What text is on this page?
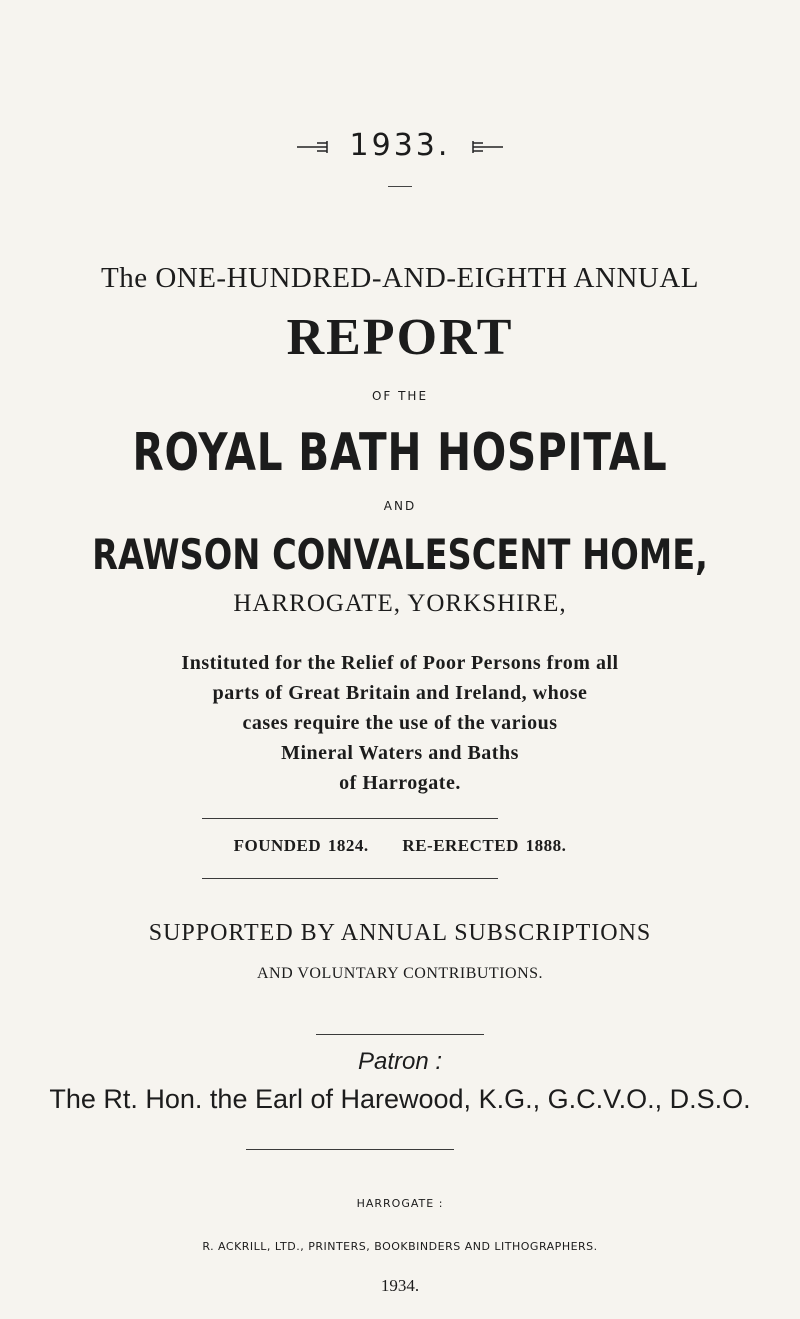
1933.
The ONE-HUNDRED-AND-EIGHTH ANNUAL
REPORT
OF THE
ROYAL BATH HOSPITAL
AND
RAWSON CONVALESCENT HOME,
HARROGATE, YORKSHIRE,
Instituted for the Relief of Poor Persons from all
parts of Great Britain and Ireland, whose
cases require the use of the various
Mineral Waters and Baths
of Harrogate.
FOUNDED 1824.     RE-ERECTED 1888.
SUPPORTED BY ANNUAL SUBSCRIPTIONS
AND VOLUNTARY CONTRIBUTIONS.
Patron :
The Rt. Hon. the Earl of Harewood, K.G., G.C.V.O., D.S.O.
HARROGATE :
R. ACKRILL, LTD., PRINTERS, BOOKBINDERS AND LITHOGRAPHERS.
1934.
